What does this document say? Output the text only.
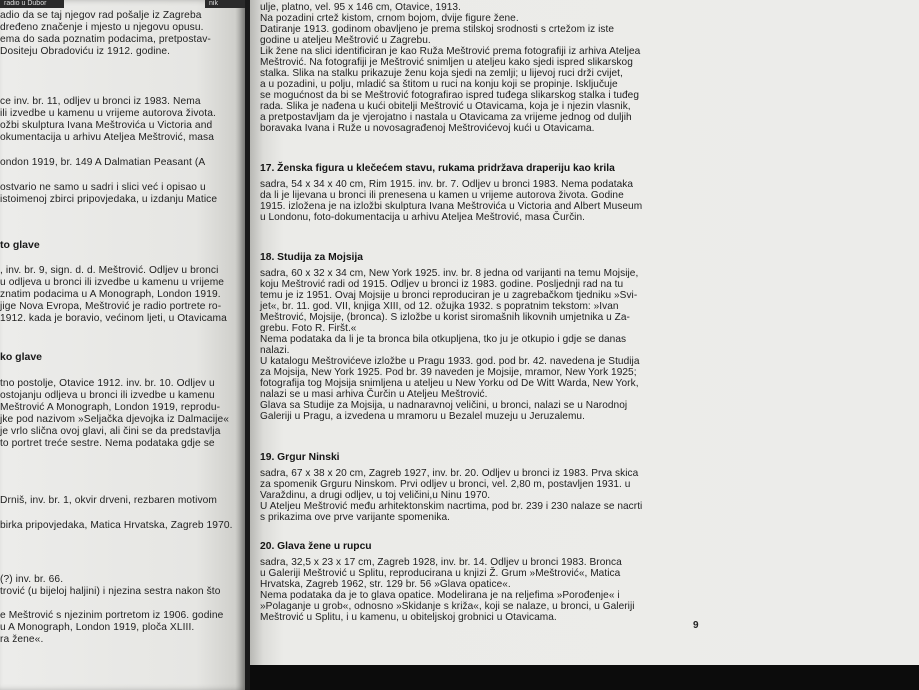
radio u Dubor	nik
adio da se taj njegov rad pošalje iz Zagreba
dređeno značenje i mjesto u njegovu opusu.
ema do sada poznatim podacima, pretpostav-
Dositeju Obradoviću iz 1912. godine.
ce inv. br. 11, odljev u bronci iz 1983. Nema
ili izvedbe u kamenu u vrijeme autorova života.
ožbi skulptura Ivana Meštrovića u Victoria and
okumentacija u arhivu Ateljea Meštrović, masa
ondon 1919, br. 149 A Dalmatian Peasant (A
ostvario ne samo u sadri i slici već i opisao u
istoimenoj zbirci pripovjedaka, u izdanju Matice
, inv. br. 9, sign. d. d. Meštrović. Odljev u bronci
u odljeva u bronci ili izvedbe u kamenu u vrijeme
znatim podacima u A Monograph, London 1919.
jige Nova Evropa, Meštrović je radio portrete ro-
1912. kada je boravio, većinom ljeti, u Otavicama
tno postolje, Otavice 1912. inv. br. 10. Odljev u
ostojanju odljeva u bronci ili izvedbe u kamenu
Meštrović A Monograph, London 1919, reprodu-
jke pod nazivom »Seljačka djevojka iz Dalmacije«
je vrlo slična ovoj glavi, ali čini se da predstavlja
to portret treće sestre. Nema podataka gdje se
Drniš, inv. br. 1, okvir drveni, rezbaren motivom
birka pripovjedaka, Matica Hrvatska, Zagreb 1970.
(?) inv. br. 66.
trović (u bijeloj haljini) i njezina sestra nakon što
e Meštrović s njezinim portretom iz 1906. godine
u A Monograph, London 1919, ploča XLIII.
ra žene«.
to glave
ko glave
ulje, platno, vel. 95 x 146 cm, Otavice, 1913.
Na pozadini crtež kistom, crnom bojom, dvije figure žene.
Datiranje 1913. godinom obavljeno je prema stilskoj srodnosti s crtežom iz iste
godine u ateljeu Meštrović u Zagrebu.
Lik žene na slici identificiran je kao Ruža Meštrović prema fotografiji iz arhiva Ateljea
Meštrović. Na fotografiji je Meštrović snimljen u ateljeu kako sjedi ispred slikarskog
stalka. Slika na stalku prikazuje ženu koja sjedi na zemlji; u lijevoj ruci drži cvijet,
a u pozadini, u polju, mladić sa štitom u ruci na konju koji se propinje. Isključuje
se mogućnost da bi se Meštrović fotografirao ispred tuđega slikarskog stalka i tuđeg
rada. Slika je nađena u kući obitelji Meštrović u Otavicama, koja je i njezin vlasnik,
a pretpostavljam da je vjerojatno i nastala u Otavicama za vrijeme jednog od duljih
boravaka Ivana i Ruže u novosagrađenoj Meštrovićevoj kući u Otavicama.
17. Ženska figura u klečećem stavu, rukama pridržava draperiju kao krila
sadra, 54 x 34 x 40 cm, Rim 1915. inv. br. 7. Odljev u bronci 1983. Nema podataka
da li je lijevana u bronci ili prenesena u kamen u vrijeme autorova života. Godine
1915. izložena je na izložbi skulptura Ivana Meštrovića u Victoria and Albert Museum
u Londonu, foto-dokumentacija u arhivu Ateljea Meštrović, masa Čurčin.
18. Studija za Mojsija
sadra, 60 x 32 x 34 cm, New York 1925. inv. br. 8 jedna od varijanti na temu Mojsije,
koju Meštrović radi od 1915. Odljev u bronci iz 1983. godine. Posljednji rad na tu
temu je iz 1951. Ovaj Mojsije u bronci reproduciran je u zagrebačkom tjedniku »Svi-
jet«, br. 11. god. VII, knjiga XIII, od 12. ožujka 1932. s popratnim tekstom: »Ivan
Meštrović, Mojsije, (bronca). S izložbe u korist siromašnih likovnih umjetnika u Za-
grebu. Foto R. Firšt.«
Nema podataka da li je ta bronca bila otkupljena, tko ju je otkupio i gdje se danas
nalazi.
U katalogu Meštrovićeve izložbe u Pragu 1933. god. pod br. 42. navedena je Studija
za Mojsija, New York 1925. Pod br. 39 naveden je Mojsije, mramor, New York 1925;
fotografija tog Mojsija snimljena u ateljeu u New Yorku od De Witt Warda, New York,
nalazi se u masi arhiva Čurčin u Ateljeu Meštrović.
Glava sa Studije za Mojsija, u nadnaravnoj veličini, u bronci, nalazi se u Narodnoj
Galeriji u Pragu, a izvedena u mramoru u Bezalel muzeju u Jeruzalemu.
19. Grgur Ninski
sadra, 67 x 38 x 20 cm, Zagreb 1927, inv. br. 20. Odljev u bronci iz 1983. Prva skica
za spomenik Grguru Ninskom. Prvi odljev u bronci, vel. 2,80 m, postavljen 1931. u
Varaždinu, a drugi odljev, u toj veličini,u Ninu 1970.
U Ateljeu Meštrović među arhitektonskim nacrtima, pod br. 239 i 230 nalaze se nacrti
s prikazima ove prve varijante spomenika.
20. Glava žene u rupcu
sadra, 32,5 x 23 x 17 cm, Zagreb 1928, inv. br. 14. Odljev u bronci 1983. Bronca
u Galeriji Meštrović u Splitu, reproducirana u knjizi Ž. Grum »Meštrović«, Matica
Hrvatska, Zagreb 1962, str. 129 br. 56 »Glava opatice«.
Nema podataka da je to glava opatice. Modelirana je na reljefima »Porođenje« i
»Polaganje u grob«, odnosno »Skidanje s križa«, koji se nalaze, u bronci, u Galeriji
Meštrović u Splitu, i u kamenu, u obiteljskoj grobnici u Otavicama.
9
